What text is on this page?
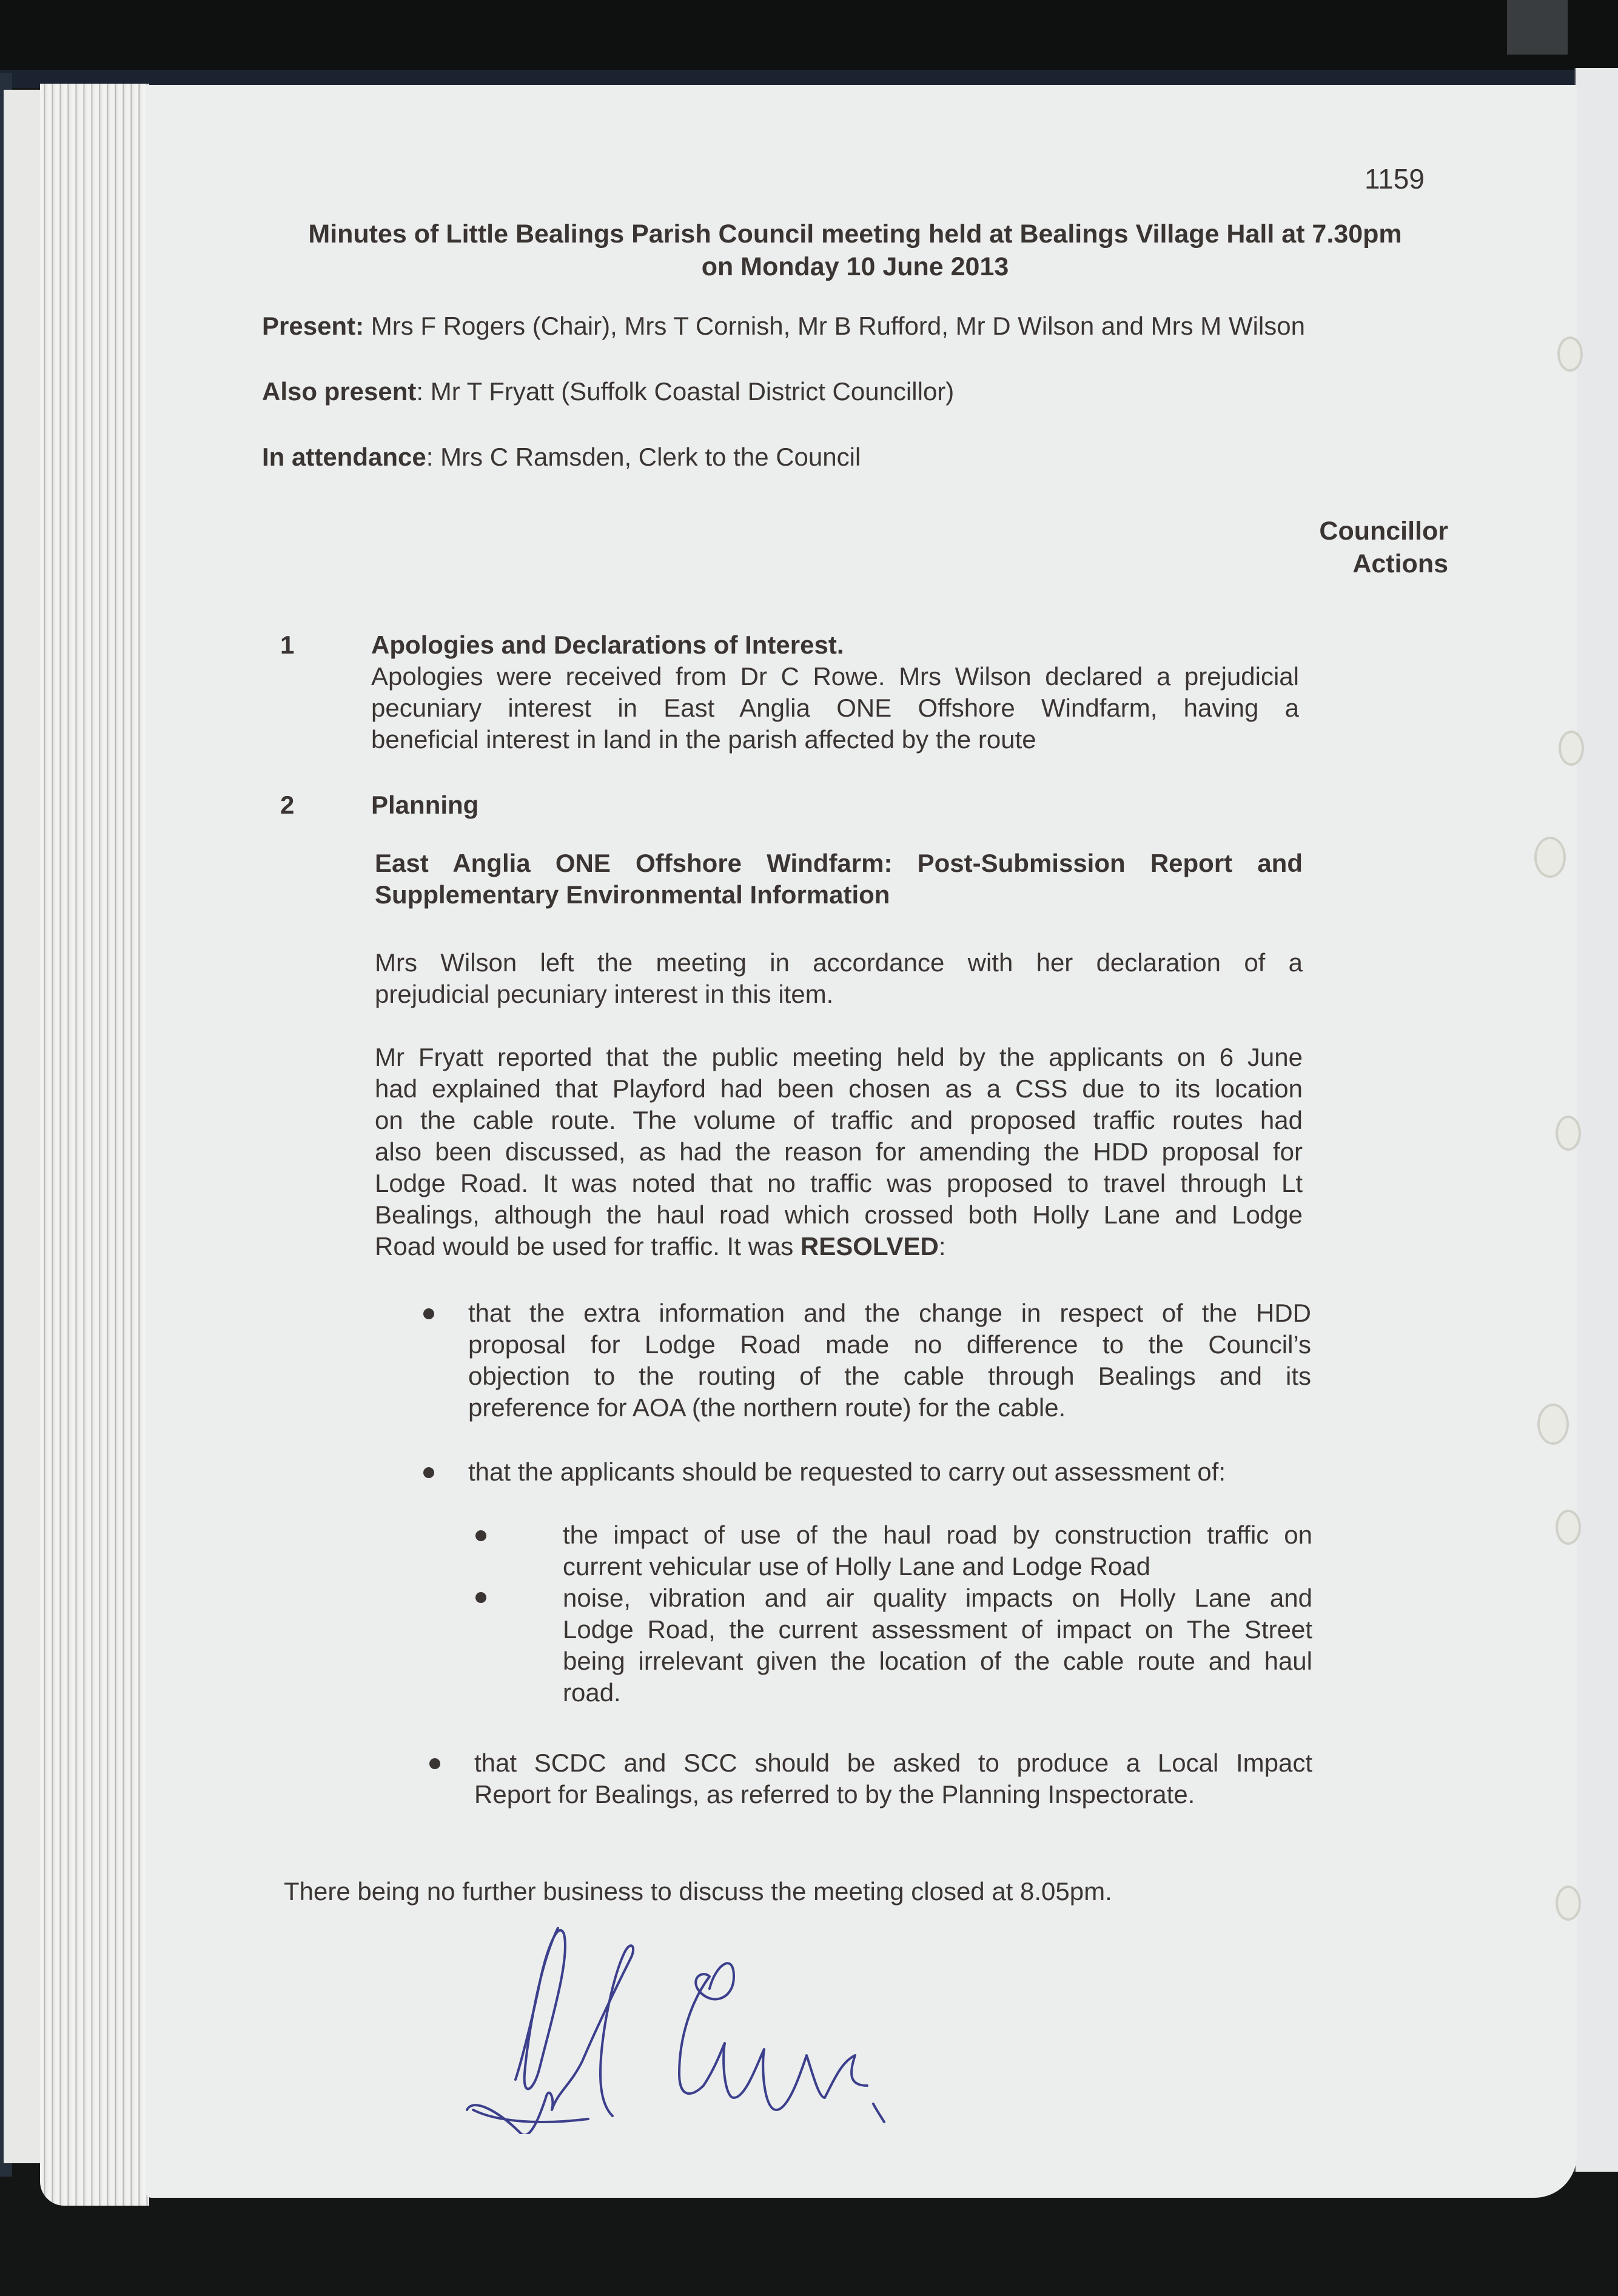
1159
Minutes of Little Bealings Parish Council meeting held at Bealings Village Hall at 7.30pm
on Monday 10 June 2013
Present: Mrs F Rogers (Chair), Mrs T Cornish, Mr B Rufford, Mr D Wilson and Mrs M Wilson
Also present: Mr T Fryatt (Suffolk Coastal District Councillor)
In attendance: Mrs C Ramsden, Clerk to the Council
Councillor
Actions
1	Apologies and Declarations of Interest.
Apologies were received from Dr C Rowe. Mrs Wilson declared a prejudicial
pecuniary interest in East Anglia ONE Offshore Windfarm, having a
beneficial interest in land in the parish affected by the route
2	Planning
East Anglia ONE Offshore Windfarm: Post-Submission Report and
Supplementary Environmental Information
Mrs Wilson left the meeting in accordance with her declaration of a
prejudicial pecuniary interest in this item.
Mr Fryatt reported that the public meeting held by the applicants on 6 June
had explained that Playford had been chosen as a CSS due to its location
on the cable route. The volume of traffic and proposed traffic routes had
also been discussed, as had the reason for amending the HDD proposal for
Lodge Road. It was noted that no traffic was proposed to travel through Lt
Bealings, although the haul road which crossed both Holly Lane and Lodge
Road would be used for traffic. It was RESOLVED:
that the extra information and the change in respect of the HDD
proposal for Lodge Road made no difference to the Council’s
objection to the routing of the cable through Bealings and its
preference for AOA (the northern route) for the cable.
that the applicants should be requested to carry out assessment of:
the impact of use of the haul road by construction traffic on
current vehicular use of Holly Lane and Lodge Road
noise, vibration and air quality impacts on Holly Lane and
Lodge Road, the current assessment of impact on The Street
being irrelevant given the location of the cable route and haul
road.
that SCDC and SCC should be asked to produce a Local Impact
Report for Bealings, as referred to by the Planning Inspectorate.
There being no further business to discuss the meeting closed at 8.05pm.
